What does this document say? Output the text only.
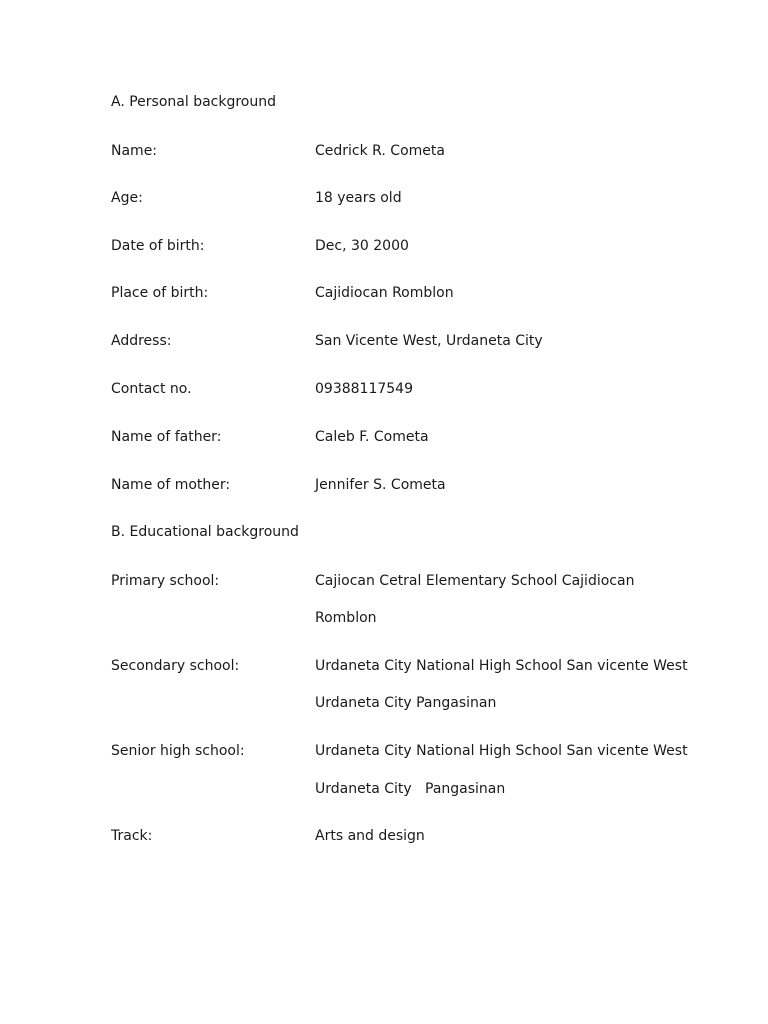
A. Personal background
Name:	Cedrick R. Cometa
Age:	18 years old
Date of birth:	Dec, 30 2000
Place of birth:	Cajidiocan Romblon
Address:	San Vicente West, Urdaneta City
Contact no.	09388117549
Name of father:	Caleb F. Cometa
Name of mother:	Jennifer S. Cometa
B. Educational background
Primary school:	Cajiocan Cetral Elementary School Cajidiocan
Romblon
Secondary school:	Urdaneta City National High School San vicente West
Urdaneta City Pangasinan
Senior high school:	Urdaneta City National High School San vicente West
Urdaneta City   Pangasinan
Track:	Arts and design
